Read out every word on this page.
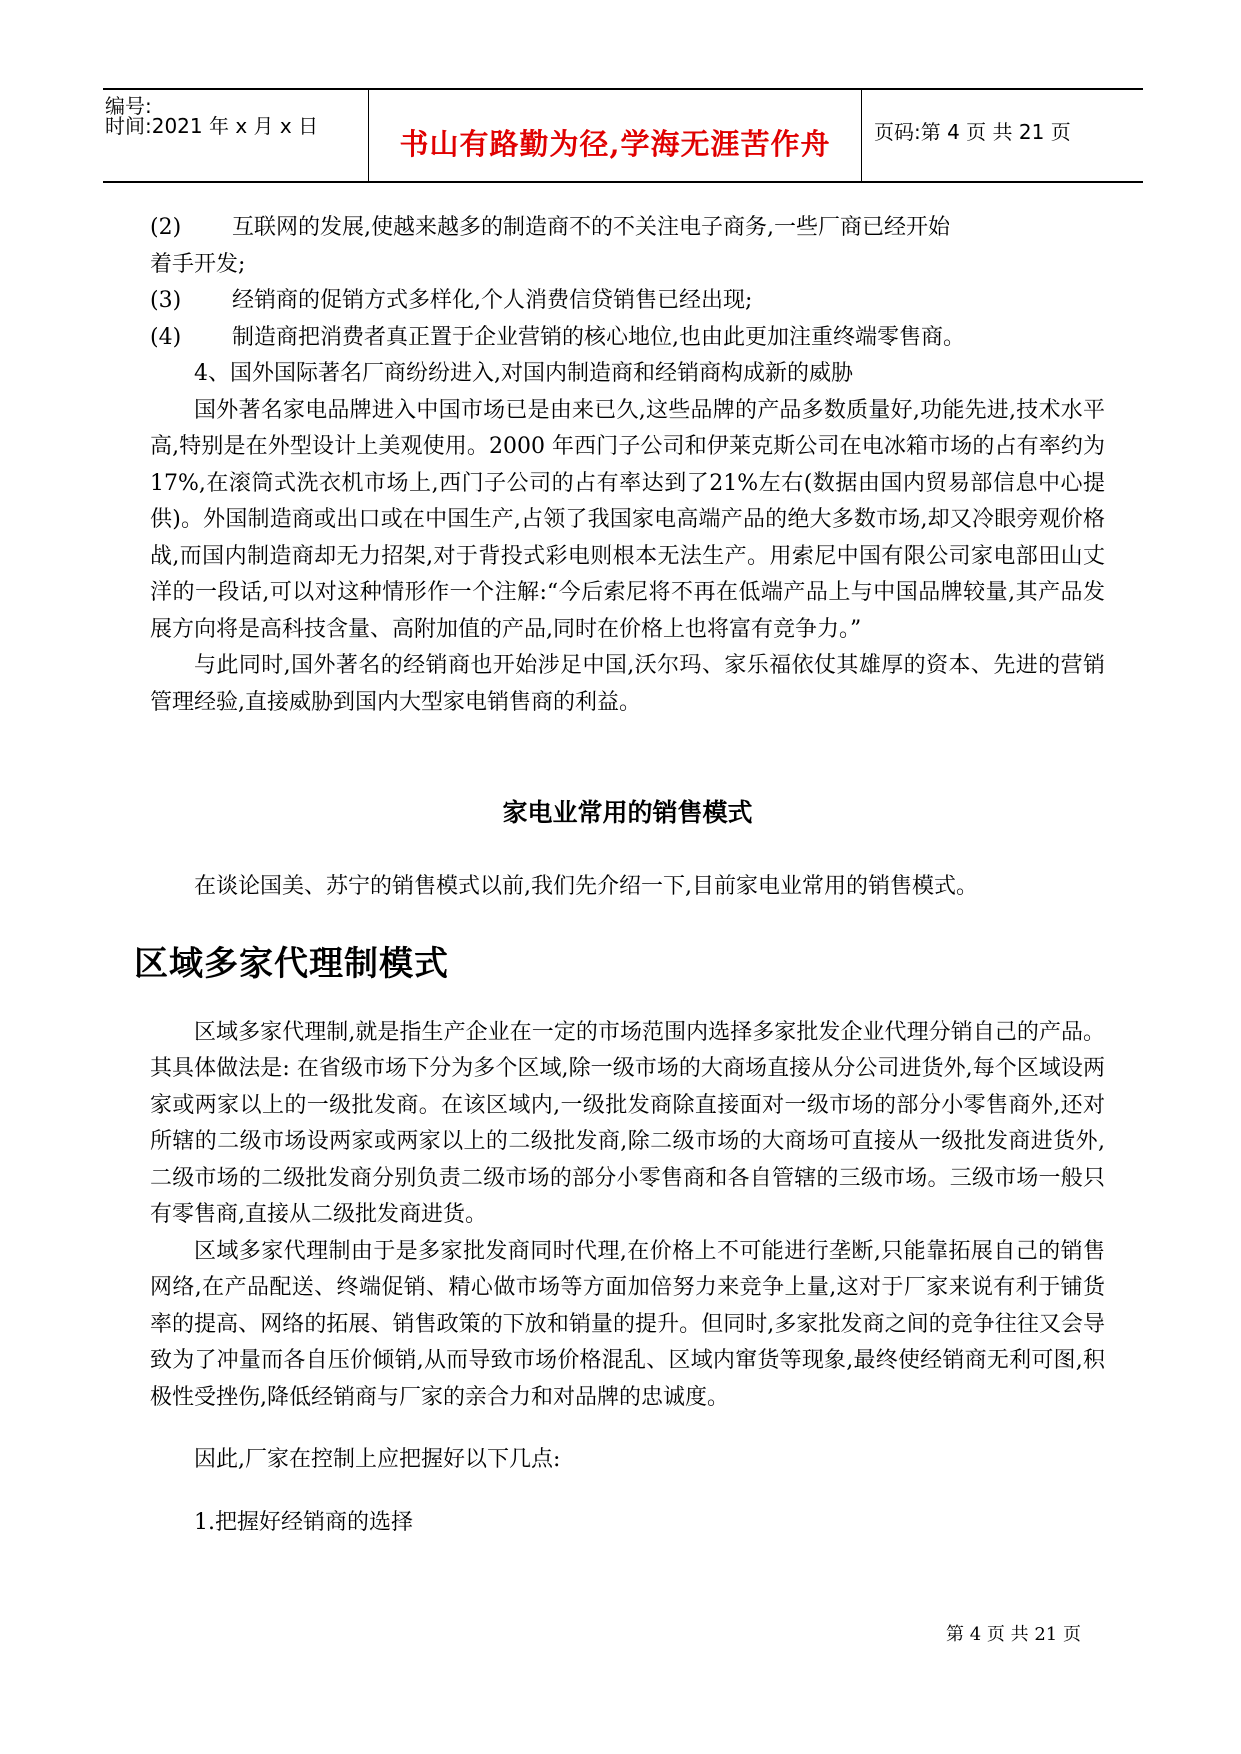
编号:
时间:2021 年 x 月 x 日
书山有路勤为径,学海无涯苦作舟	页码:第 4 页 共 21 页

(2)	互联网的发展,使越来越多的制造商不的不关注电子商务,一些厂商已经开始

着手开发;

经销商的促销方式多样化,个人消费信贷销售已经出现;

(3)

(4)	制造商把消费者真正置于企业营销的核心地位,也由此更加注重终端零售商。

4、国外国际著名厂商纷纷进入,对国内制造商和经销商构成新的威胁

国外著名家电品牌进入中国市场已是由来已久,这些品牌的产品多数质量好,功能先进,技术水平高,特别是在外型设计上美观使用。2000 年西门子公司和伊莱克斯公司在电冰箱市场的占有率约为17%,在滚筒式洗衣机市场上,西门子公司的占有率达到了21%左右(数据由国内贸易部信息中心提供)。外国制造商或出口或在中国生产,占领了我国家电高端产品的绝大多数市场,却又冷眼旁观价格战,而国内制造商却无力招架,对于背投式彩电则根本无法生产。用索尼中国有限公司家电部田山丈洋的一段话,可以对这种情形作一个注解:“今后索尼将不再在低端产品上与中国品牌较量,其产品发展方向将是高科技含量、高附加值的产品,同时在价格上也将富有竞争力。”

与此同时,国外著名的经销商也开始涉足中国,沃尔玛、家乐福依仗其雄厚的资本、先进的营销管理经验,直接威胁到国内大型家电销售商的利益。

家电业常用的销售模式

在谈论国美、苏宁的销售模式以前,我们先介绍一下,目前家电业常用的销售模式。

区域多家代理制模式

区域多家代理制,就是指生产企业在一定的市场范围内选择多家批发企业代理分销自己的产品。其具体做法是: 在省级市场下分为多个区域,除一级市场的大商场直接从分公司进货外,每个区域设两家或两家以上的一级批发商。在该区域内,一级批发商除直接面对一级市场的部分小零售商外,还对所辖的二级市场设两家或两家以上的二级批发商,除二级市场的大商场可直接从一级批发商进货外,二级市场的二级批发商分别负责二级市场的部分小零售商和各自管辖的三级市场。三级市场一般只有零售商,直接从二级批发商进货。

区域多家代理制由于是多家批发商同时代理,在价格上不可能进行垄断,只能靠拓展自己的销售网络,在产品配送、终端促销、精心做市场等方面加倍努力来竞争上量,这对于厂家来说有利于铺货率的提高、网络的拓展、销售政策的下放和销量的提升。但同时,多家批发商之间的竞争往往又会导致为了冲量而各自压价倾销,从而导致市场价格混乱、区域内窜货等现象,最终使经销商无利可图,积极性受挫伤,降低经销商与厂家的亲合力和对品牌的忠诚度。

因此,厂家在控制上应把握好以下几点:

1.把握好经销商的选择

第 4 页 共 21 页
